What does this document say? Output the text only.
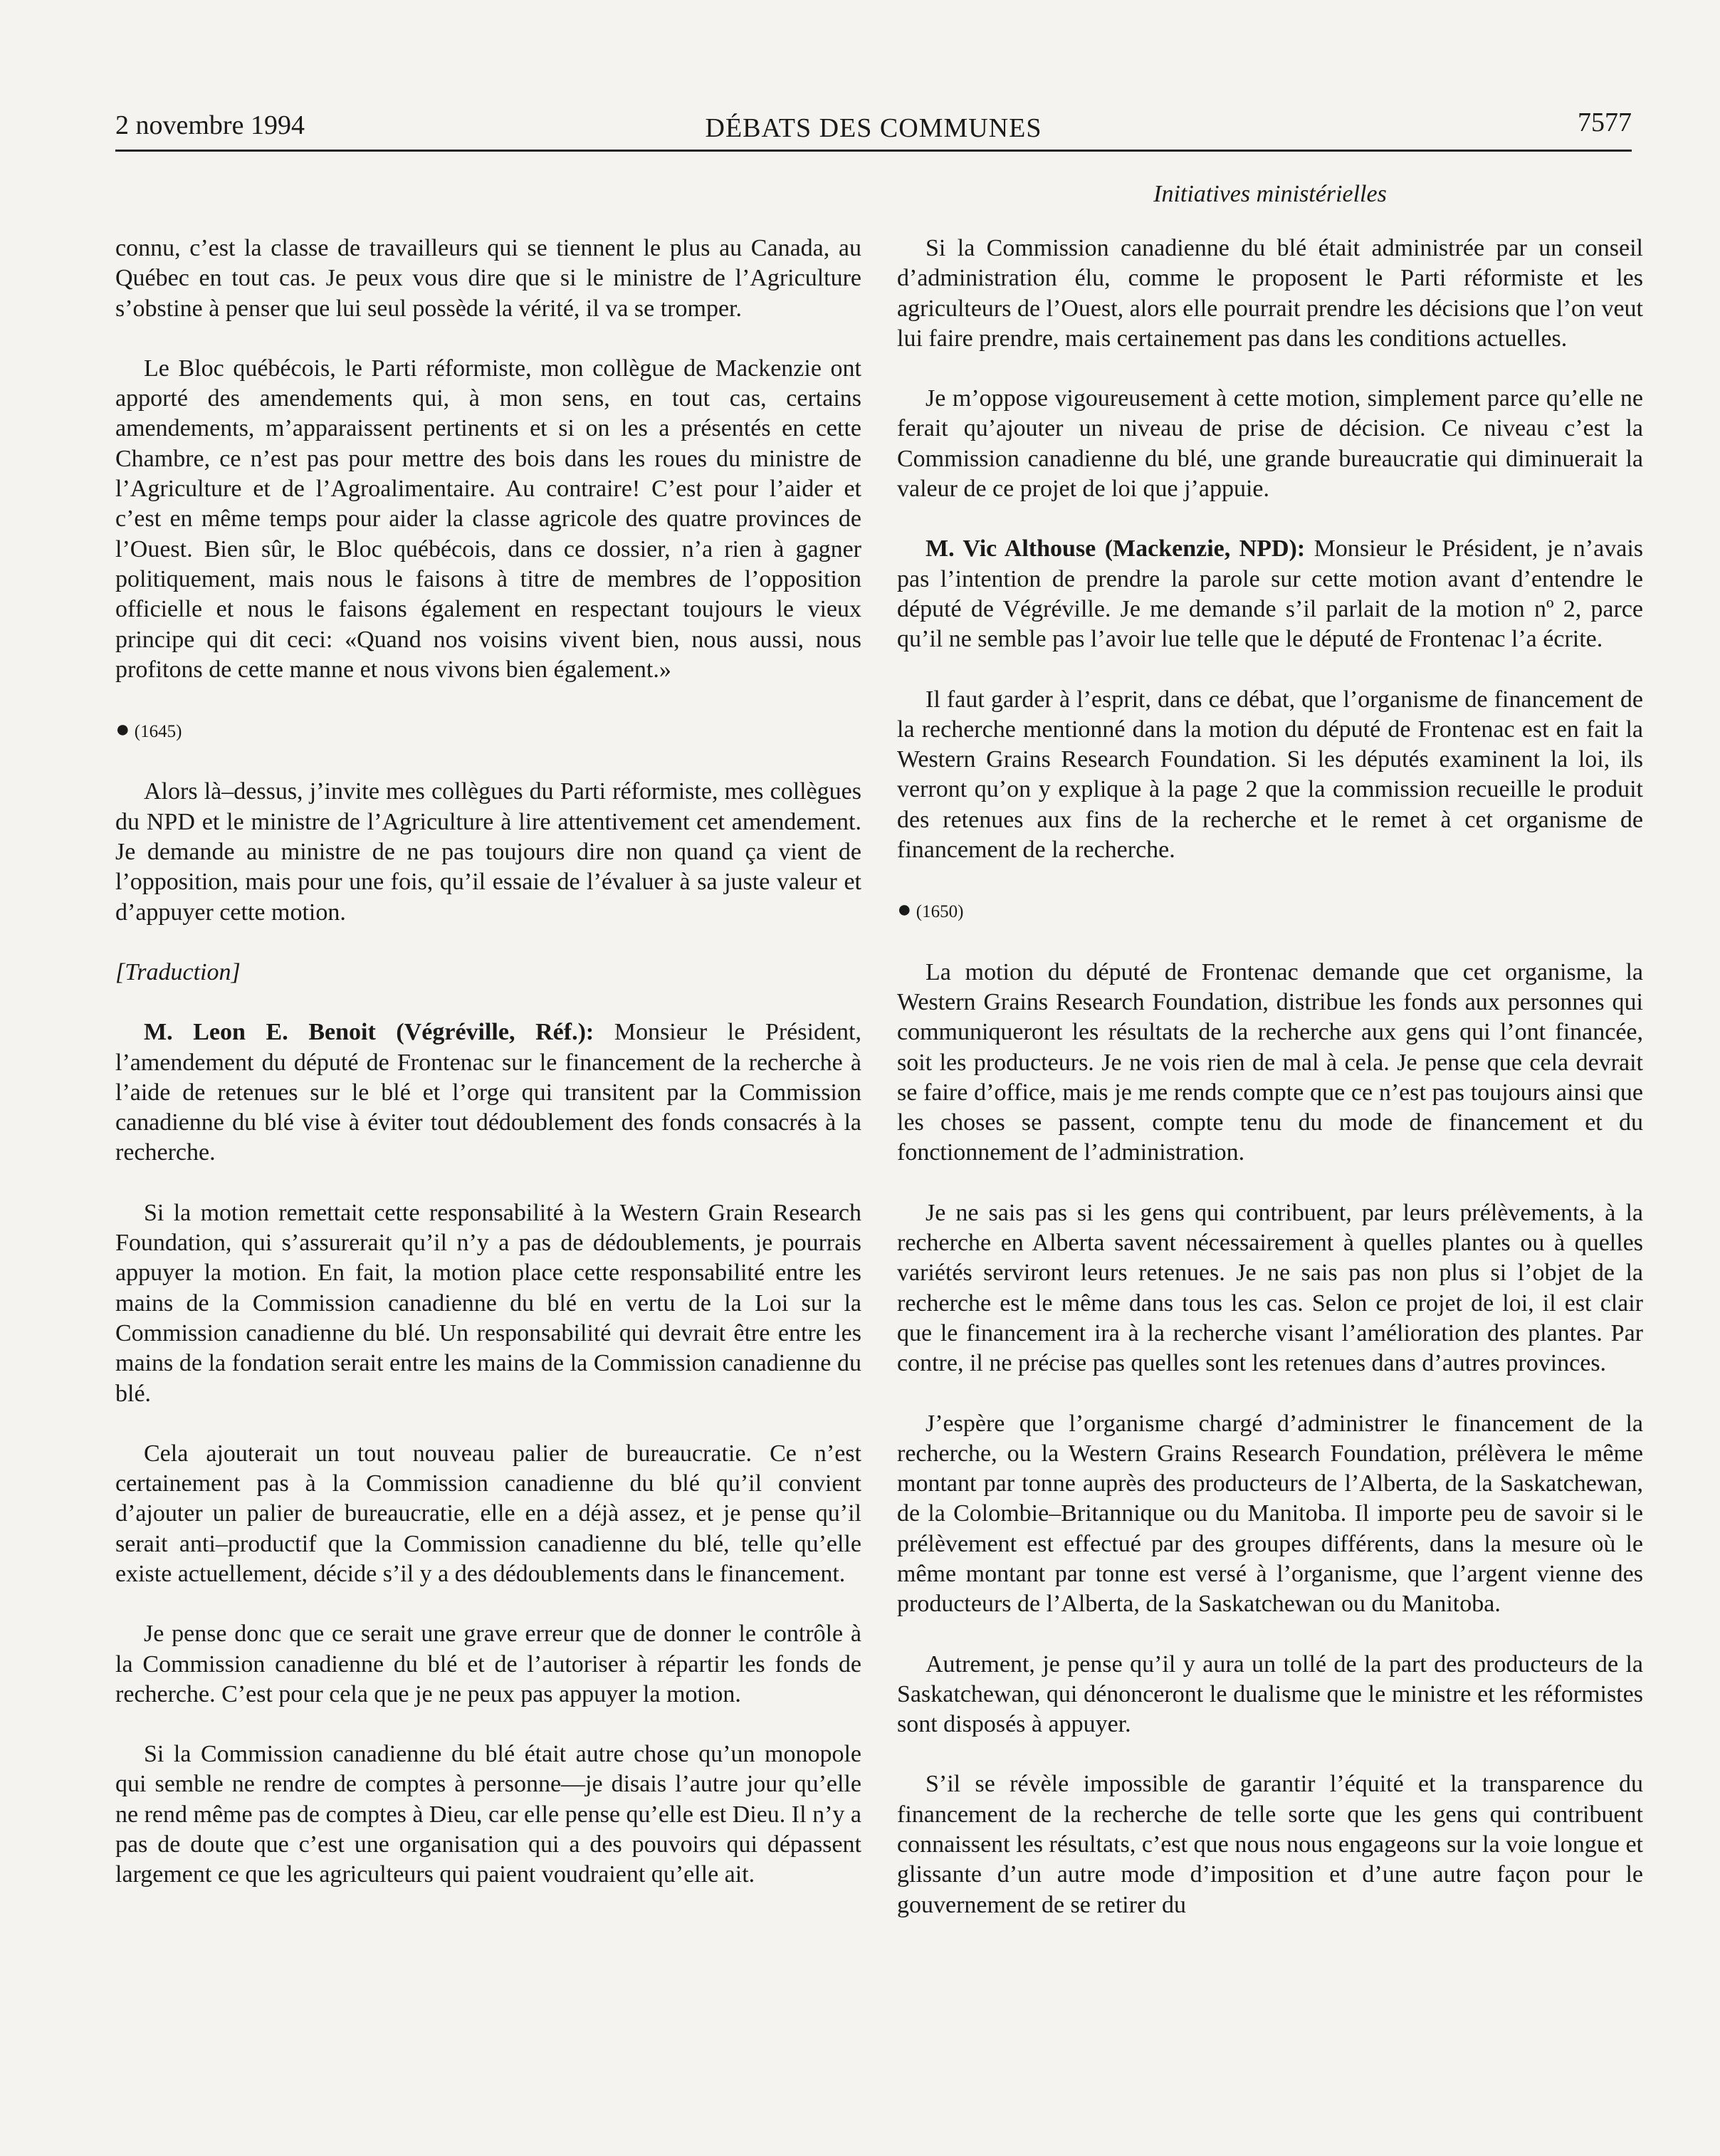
2 novembre 1994	DÉBATS DES COMMUNES	7577
Initiatives ministérielles

connu, c’est la classe de travailleurs qui se tiennent le plus au Canada, au Québec en tout cas. Je peux vous dire que si le ministre de l’Agriculture s’obstine à penser que lui seul possède la vérité, il va se tromper.

Le Bloc québécois, le Parti réformiste, mon collègue de Mackenzie ont apporté des amendements qui, à mon sens, en tout cas, certains amendements, m’apparaissent pertinents et si on les a présentés en cette Chambre, ce n’est pas pour mettre des bois dans les roues du ministre de l’Agriculture et de l’Agroalimentaire. Au contraire! C’est pour l’aider et c’est en même temps pour aider la classe agricole des quatre provinces de l’Ouest. Bien sûr, le Bloc québécois, dans ce dossier, n’a rien à gagner politiquement, mais nous le faisons à titre de membres de l’opposition officielle et nous le faisons également en respectant toujours le vieux principe qui dit ceci: «Quand nos voisins vivent bien, nous aussi, nous profitons de cette manne et nous vivons bien également.»

● (1645)

Alors là–dessus, j’invite mes collègues du Parti réformiste, mes collègues du NPD et le ministre de l’Agriculture à lire attentivement cet amendement. Je demande au ministre de ne pas toujours dire non quand ça vient de l’opposition, mais pour une fois, qu’il essaie de l’évaluer à sa juste valeur et d’appuyer cette motion.

[Traduction]

M. Leon E. Benoit (Végréville, Réf.): Monsieur le Président, l’amendement du député de Frontenac sur le financement de la recherche à l’aide de retenues sur le blé et l’orge qui transitent par la Commission canadienne du blé vise à éviter tout dédoublement des fonds consacrés à la recherche.

Si la motion remettait cette responsabilité à la Western Grain Research Foundation, qui s’assurerait qu’il n’y a pas de dédoublements, je pourrais appuyer la motion. En fait, la motion place cette responsabilité entre les mains de la Commission canadienne du blé en vertu de la Loi sur la Commission canadienne du blé. Un responsabilité qui devrait être entre les mains de la fondation serait entre les mains de la Commission canadienne du blé.

Cela ajouterait un tout nouveau palier de bureaucratie. Ce n’est certainement pas à la Commission canadienne du blé qu’il convient d’ajouter un palier de bureaucratie, elle en a déjà assez, et je pense qu’il serait anti–productif que la Commission canadienne du blé, telle qu’elle existe actuellement, décide s’il y a des dédoublements dans le financement.

Je pense donc que ce serait une grave erreur que de donner le contrôle à la Commission canadienne du blé et de l’autoriser à répartir les fonds de recherche. C’est pour cela que je ne peux pas appuyer la motion.

Si la Commission canadienne du blé était autre chose qu’un monopole qui semble ne rendre de comptes à personne—je disais l’autre jour qu’elle ne rend même pas de comptes à Dieu, car elle pense qu’elle est Dieu. Il n’y a pas de doute que c’est une organisation qui a des pouvoirs qui dépassent largement ce que les agriculteurs qui paient voudraient qu’elle ait.

Si la Commission canadienne du blé était administrée par un conseil d’administration élu, comme le proposent le Parti réformiste et les agriculteurs de l’Ouest, alors elle pourrait prendre les décisions que l’on veut lui faire prendre, mais certainement pas dans les conditions actuelles.

Je m’oppose vigoureusement à cette motion, simplement parce qu’elle ne ferait qu’ajouter un niveau de prise de décision. Ce niveau c’est la Commission canadienne du blé, une grande bureaucratie qui diminuerait la valeur de ce projet de loi que j’appuie.

M. Vic Althouse (Mackenzie, NPD): Monsieur le Président, je n’avais pas l’intention de prendre la parole sur cette motion avant d’entendre le député de Végréville. Je me demande s’il parlait de la motion nº 2, parce qu’il ne semble pas l’avoir lue telle que le député de Frontenac l’a écrite.

Il faut garder à l’esprit, dans ce débat, que l’organisme de financement de la recherche mentionné dans la motion du député de Frontenac est en fait la Western Grains Research Foundation. Si les députés examinent la loi, ils verront qu’on y explique à la page 2 que la commission recueille le produit des retenues aux fins de la recherche et le remet à cet organisme de financement de la recherche.

● (1650)

La motion du député de Frontenac demande que cet organisme, la Western Grains Research Foundation, distribue les fonds aux personnes qui communiqueront les résultats de la recherche aux gens qui l’ont financée, soit les producteurs. Je ne vois rien de mal à cela. Je pense que cela devrait se faire d’office, mais je me rends compte que ce n’est pas toujours ainsi que les choses se passent, compte tenu du mode de financement et du fonctionnement de l’administration.

Je ne sais pas si les gens qui contribuent, par leurs prélèvements, à la recherche en Alberta savent nécessairement à quelles plantes ou à quelles variétés serviront leurs retenues. Je ne sais pas non plus si l’objet de la recherche est le même dans tous les cas. Selon ce projet de loi, il est clair que le financement ira à la recherche visant l’amélioration des plantes. Par contre, il ne précise pas quelles sont les retenues dans d’autres provinces.

J’espère que l’organisme chargé d’administrer le financement de la recherche, ou la Western Grains Research Foundation, prélèvera le même montant par tonne auprès des producteurs de l’Alberta, de la Saskatchewan, de la Colombie–Britannique ou du Manitoba. Il importe peu de savoir si le prélèvement est effectué par des groupes différents, dans la mesure où le même montant par tonne est versé à l’organisme, que l’argent vienne des producteurs de l’Alberta, de la Saskatchewan ou du Manitoba.

Autrement, je pense qu’il y aura un tollé de la part des producteurs de la Saskatchewan, qui dénonceront le dualisme que le ministre et les réformistes sont disposés à appuyer.

S’il se révèle impossible de garantir l’équité et la transparence du financement de la recherche de telle sorte que les gens qui contribuent connaissent les résultats, c’est que nous nous engageons sur la voie longue et glissante d’un autre mode d’imposition et d’une autre façon pour le gouvernement de se retirer du
